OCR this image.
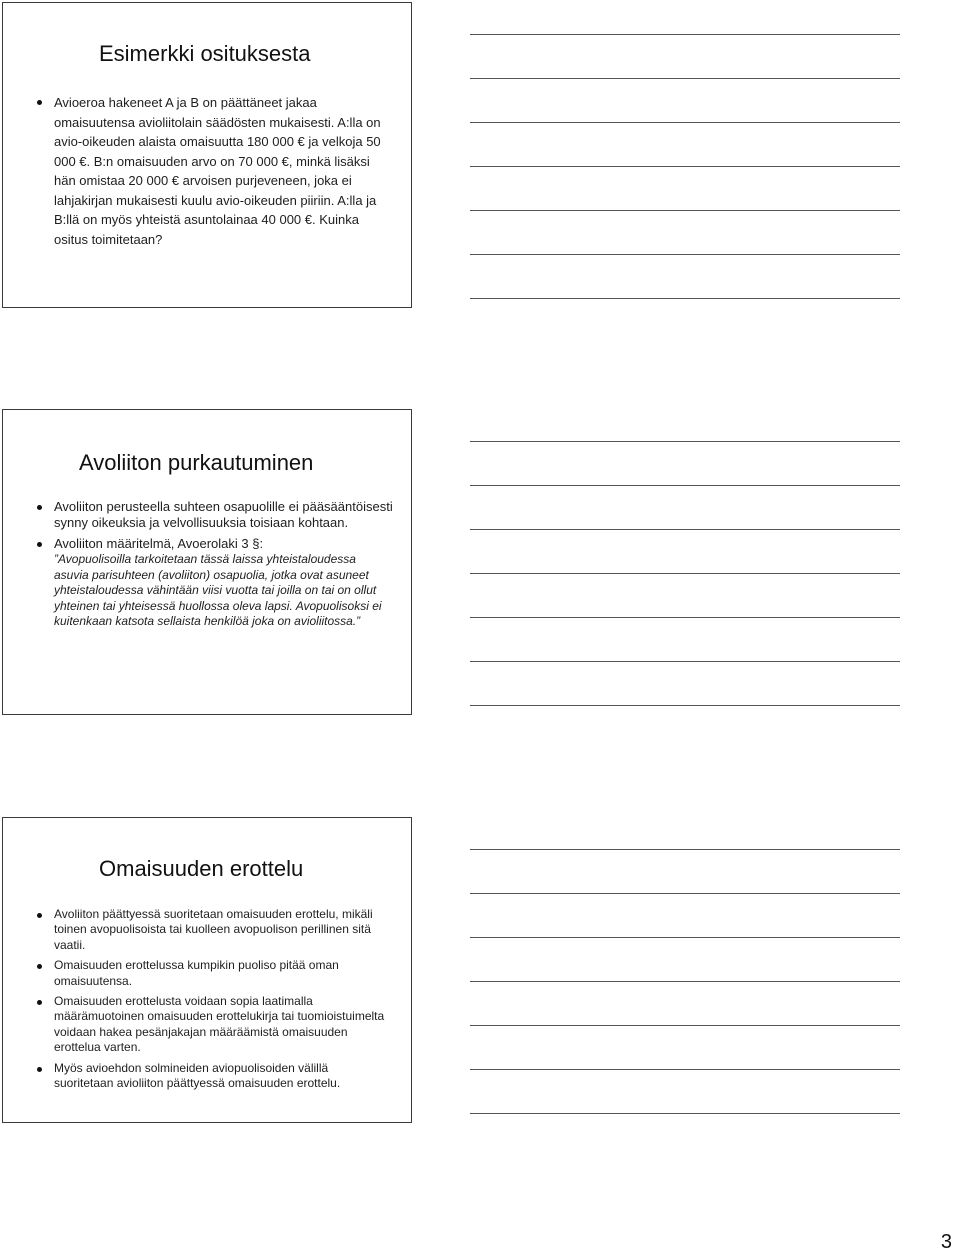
Esimerkki osituksesta
Avioeroa hakeneet A ja B on päättäneet jakaa omaisuutensa avioliitolain säädösten mukaisesti. A:lla on avio-oikeuden alaista omaisuutta 180 000 € ja velkoja 50 000 €. B:n omaisuuden arvo on 70 000 €, minkä lisäksi hän omistaa 20 000 € arvoisen purjeveneen, joka ei lahjakirjan mukaisesti kuulu avio-oikeuden piiriin. A:lla ja B:llä on myös yhteistä asuntolainaa 40 000 €. Kuinka ositus toimitetaan?
Avoliiton purkautuminen
Avoliiton perusteella suhteen osapuolille ei pääsääntöisesti synny oikeuksia ja velvollisuuksia toisiaan kohtaan.
Avoliiton määritelmä, Avoerolaki 3 §:
”Avopuolisoilla tarkoitetaan tässä laissa yhteistaloudessa asuvia parisuhteen (avoliiton) osapuolia, jotka ovat asuneet yhteistaloudessa vähintään viisi vuotta tai joilla on tai on ollut yhteinen tai yhteisessä huollossa oleva lapsi. Avopuolisoksi ei kuitenkaan katsota sellaista henkilöä joka on avioliitossa.”
Omaisuuden erottelu
Avoliiton päättyessä suoritetaan omaisuuden erottelu, mikäli toinen avopuolisoista tai kuolleen avopuolison perillinen sitä vaatii.
Omaisuuden erottelussa kumpikin puoliso pitää oman omaisuutensa.
Omaisuuden erottelusta voidaan sopia laatimalla määrämuotoinen omaisuuden erottelukirja tai tuomioistuimelta voidaan hakea pesänjakajan määräämistä omaisuuden erottelua varten.
Myös avioehdon solmineiden aviopuolisoiden välillä suoritetaan avioliiton päättyessä omaisuuden erottelu.

3
